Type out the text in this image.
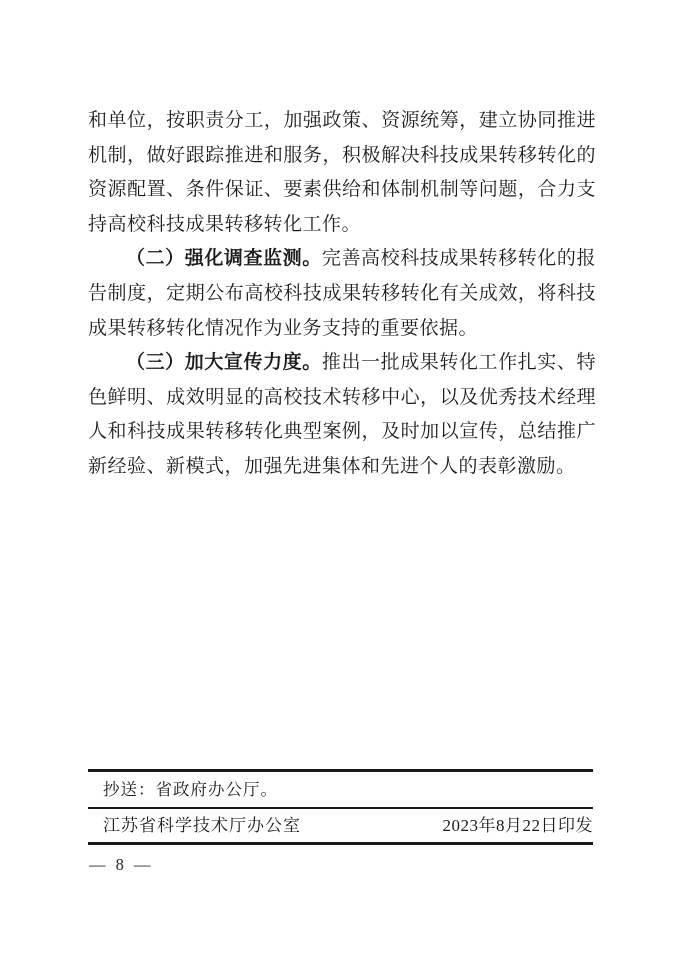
和单位，按职责分工，加强政策、资源统筹，建立协同推进机制，做好跟踪推进和服务，积极解决科技成果转移转化的资源配置、条件保证、要素供给和体制机制等问题，合力支持高校科技成果转移转化工作。

（二）强化调查监测。完善高校科技成果转移转化的报告制度，定期公布高校科技成果转移转化有关成效，将科技成果转移转化情况作为业务支持的重要依据。

（三）加大宣传力度。推出一批成果转化工作扎实、特色鲜明、成效明显的高校技术转移中心，以及优秀技术经理人和科技成果转移转化典型案例，及时加以宣传，总结推广新经验、新模式，加强先进集体和先进个人的表彰激励。

抄送：省政府办公厅。
江苏省科学技术厅办公室	2023年8月22日印发
— 8 —
